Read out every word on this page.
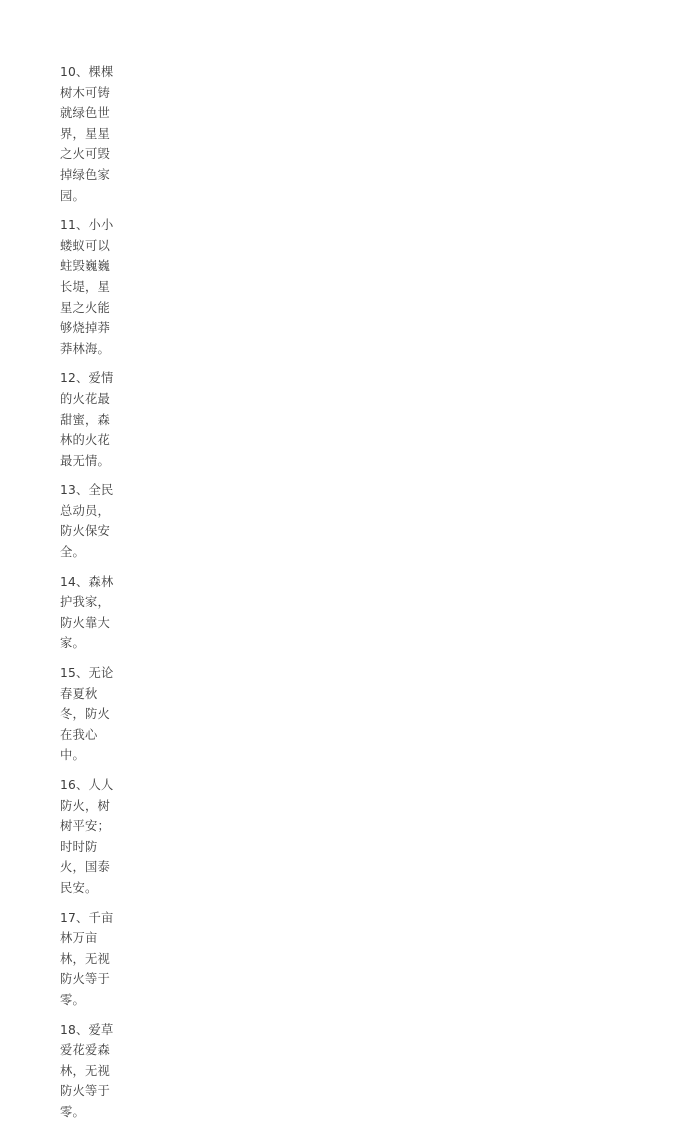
10、棵棵树木可铸就绿色世界，星星之火可毁掉绿色家园。

11、小小蝼蚁可以蛀毁巍巍长堤，星星之火能够烧掉莽莽林海。

12、爱情的火花最甜蜜，森林的火花最无情。

13、全民总动员，防火保安全。

14、森林护我家，防火靠大家。

15、无论春夏秋冬，防火在我心中。

16、人人防火，树树平安；时时防火，国泰民安。

17、千亩林万亩林，无视防火等于零。

18、爱草爱花爱森林，无视防火等于零。
